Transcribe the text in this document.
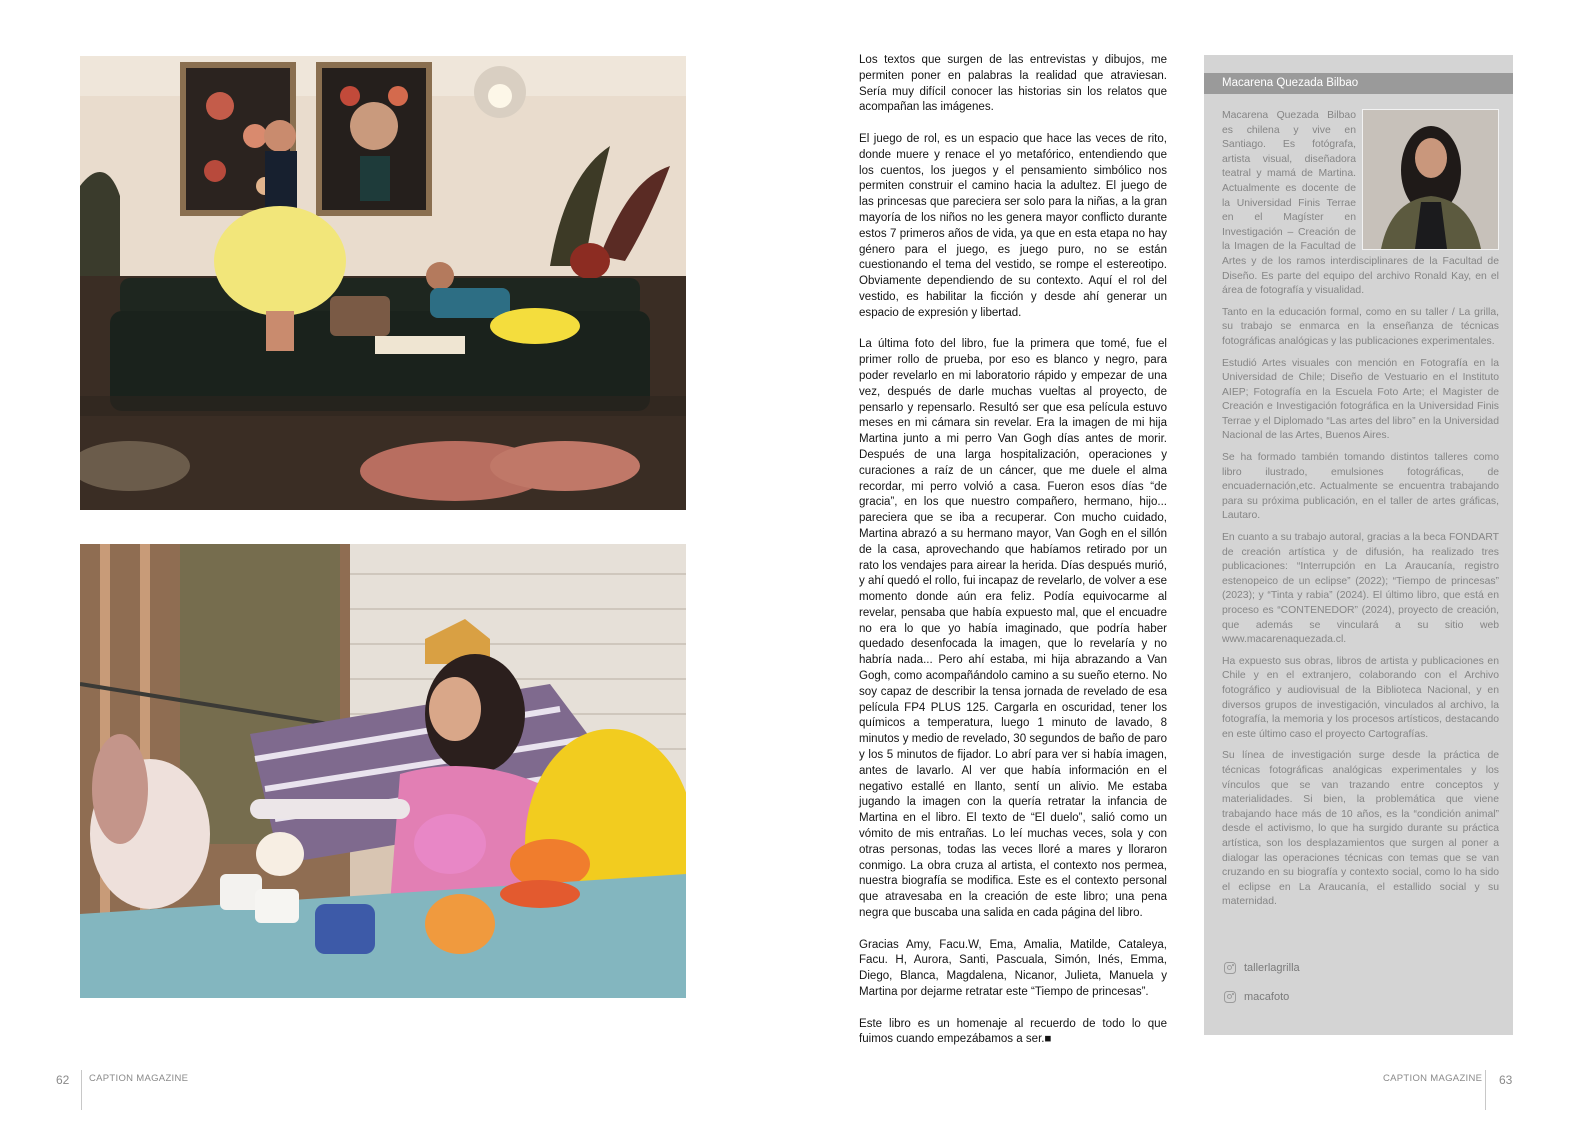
Los textos que surgen de las entrevistas y dibujos, me permiten poner en palabras la realidad que atraviesan. Sería muy difícil conocer las historias sin los relatos que acompañan las imágenes.

El juego de rol, es un espacio que hace las veces de rito, donde muere y renace el yo metafórico, entendiendo que los cuentos, los juegos y el pensamiento simbólico nos permiten construir el camino hacia la adultez. El juego de las princesas que pareciera ser solo para la niñas, a la gran mayoría de los niños no les genera mayor conflicto durante estos 7 primeros años de vida, ya que en esta etapa no hay género para el juego, es juego puro, no se están cuestionando el tema del vestido, se rompe el estereotipo. Obviamente dependiendo de su contexto. Aquí el rol del vestido, es habilitar la ficción y desde ahí generar un espacio de expresión y libertad.

La última foto del libro, fue la primera que tomé, fue el primer rollo de prueba, por eso es blanco y negro, para poder revelarlo en mi laboratorio rápido y empezar de una vez, después de darle muchas vueltas al proyecto, de pensarlo y repensarlo. Resultó ser que esa película estuvo meses en mi cámara sin revelar. Era la imagen de mi hija Martina junto a mi perro Van Gogh días antes de morir. Después de una larga hospitalización, operaciones y curaciones a raíz de un cáncer, que me duele el alma recordar, mi perro volvió a casa. Fueron esos días “de gracia”, en los que nuestro compañero, hermano, hijo... pareciera que se iba a recuperar. Con mucho cuidado, Martina abrazó a su hermano mayor, Van Gogh en el sillón de la casa, aprovechando que habíamos retirado por un rato los vendajes para airear la herida. Días después murió, y ahí quedó el rollo, fui incapaz de revelarlo, de volver a ese momento donde aún era feliz. Podía equivocarme al revelar, pensaba que había expuesto mal, que el encuadre no era lo que yo había imaginado, que podría haber quedado desenfocada la imagen, que lo revelaría y no habría nada... Pero ahí estaba, mi hija abrazando a Van Gogh, como acompañándolo camino a su sueño eterno. No soy capaz de describir la tensa jornada de revelado de esa película FP4 PLUS 125. Cargarla en oscuridad, tener los químicos a temperatura, luego 1 minuto de lavado, 8 minutos y medio de revelado, 30 segundos de baño de paro y los 5 minutos de fijador. Lo abrí para ver si había imagen, antes de lavarlo. Al ver que había información en el negativo estallé en llanto, sentí un alivio. Me estaba jugando la imagen con la quería retratar la infancia de Martina en el libro. El texto de “El duelo”, salió como un vómito de mis entrañas. Lo leí muchas veces, sola y con otras personas, todas las veces lloré a mares y lloraron conmigo. La obra cruza al artista, el contexto nos permea, nuestra biografía se modifica. Este es el contexto personal que atravesaba en la creación de este libro; una pena negra que buscaba una salida en cada página del libro.

Gracias Amy, Facu.W, Ema, Amalia, Matilde, Cataleya, Facu. H, Aurora, Santi, Pascuala, Simón, Inés, Emma, Diego, Blanca, Magdalena, Nicanor, Julieta, Manuela y Martina por dejarme retratar este “Tiempo de princesas”.

Este libro es un homenaje al recuerdo de todo lo que fuimos cuando empezábamos a ser.■

Macarena Quezada Bilbao

Macarena Quezada Bilbao es chilena y vive en Santiago. Es fotógrafa, artista visual, diseñadora teatral y mamá de Martina. Actualmente es docente de la Universidad Finis Terrae en el Magíster en Investigación – Creación de la Imagen de la Facultad de Artes y de los ramos interdisciplinares de la Facultad de Diseño. Es parte del equipo del archivo Ronald Kay, en el área de fotografía y visualidad.

Tanto en la educación formal, como en su taller / La grilla, su trabajo se enmarca en la enseñanza de técnicas fotográficas analógicas y las publicaciones experimentales.

Estudió Artes visuales con mención en Fotografía en la Universidad de Chile; Diseño de Vestuario en el Instituto AIEP; Fotografía en la Escuela Foto Arte; el Magister de Creación e Investigación fotográfica en la Universidad Finis Terrae y el Diplomado “Las artes del libro” en la Universidad Nacional de las Artes, Buenos Aires.

Se ha formado también tomando distintos talleres como libro ilustrado, emulsiones fotográficas, de encuadernación,etc. Actualmente se encuentra trabajando para su próxima publicación, en el taller de artes gráficas, Lautaro.

En cuanto a su trabajo autoral, gracias a la beca FONDART de creación artística y de difusión, ha realizado tres publicaciones: “Interrupción en La Araucanía, registro estenopeico de un eclipse” (2022); “Tiempo de princesas” (2023); y “Tinta y rabia” (2024). El último libro, que está en proceso es “CONTENEDOR” (2024), proyecto de creación, que además se vinculará a su sitio web www.macarenaquezada.cl.

Ha expuesto sus obras, libros de artista y publicaciones en Chile y en el extranjero, colaborando con el Archivo fotográfico y audiovisual de la Biblioteca Nacional, y en diversos grupos de investigación, vinculados al archivo, la fotografía, la memoria y los procesos artísticos, destacando en este último caso el proyecto Cartografías.

Su línea de investigación surge desde la práctica de técnicas fotográficas analógicas experimentales y los vínculos que se van trazando entre conceptos y materialidades. Si bien, la problemática que viene trabajando hace más de 10 años, es la “condición animal” desde el activismo, lo que ha surgido durante su práctica artística, son los desplazamientos que surgen al poner a dialogar las operaciones técnicas con temas que se van cruzando en su biografía y contexto social, como lo ha sido el eclipse en La Araucanía, el estallido social y su maternidad.

tallerlagrilla
macafoto
62 CAPTION MAGAZINE	CAPTION MAGAZINE 63
